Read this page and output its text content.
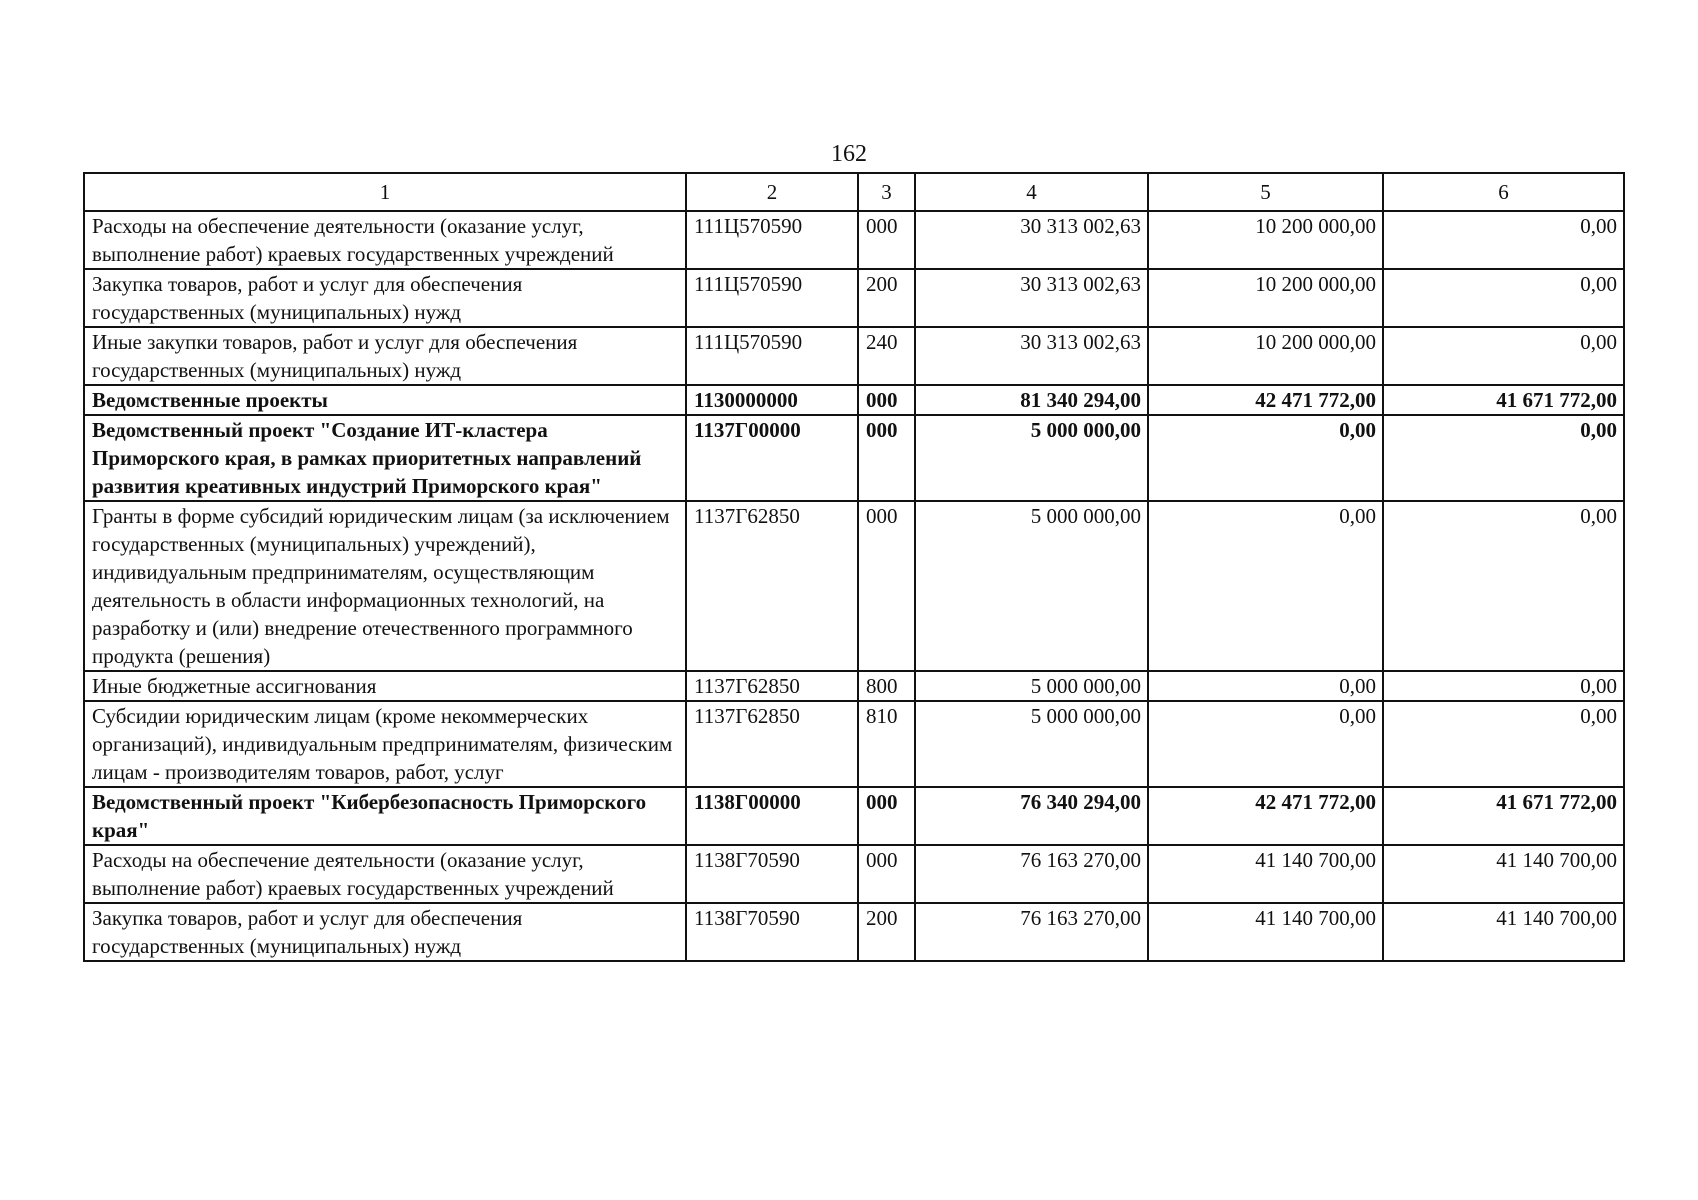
162
1	2	3	4	5	6
Расходы на обеспечение деятельности (оказание услуг, выполнение работ) краевых государственных учреждений	111Ц570590	000	30 313 002,63	10 200 000,00	0,00
Закупка товаров, работ и услуг для обеспечения государственных (муниципальных) нужд	111Ц570590	200	30 313 002,63	10 200 000,00	0,00
Иные закупки товаров, работ и услуг для обеспечения государственных (муниципальных) нужд	111Ц570590	240	30 313 002,63	10 200 000,00	0,00
Ведомственные проекты	1130000000	000	81 340 294,00	42 471 772,00	41 671 772,00
Ведомственный проект "Создание ИТ-кластера Приморского края, в рамках приоритетных направлений развития креативных индустрий Приморского края"	1137Г00000	000	5 000 000,00	0,00	0,00
Гранты в форме субсидий юридическим лицам (за исключением государственных (муниципальных) учреждений), индивидуальным предпринимателям, осуществляющим деятельность в области информационных технологий, на разработку и (или) внедрение отечественного программного продукта (решения)	1137Г62850	000	5 000 000,00	0,00	0,00
Иные бюджетные ассигнования	1137Г62850	800	5 000 000,00	0,00	0,00
Субсидии юридическим лицам (кроме некоммерческих организаций), индивидуальным предпринимателям, физическим лицам - производителям товаров, работ, услуг	1137Г62850	810	5 000 000,00	0,00	0,00
Ведомственный проект "Кибербезопасность Приморского края"	1138Г00000	000	76 340 294,00	42 471 772,00	41 671 772,00
Расходы на обеспечение деятельности (оказание услуг, выполнение работ) краевых государственных учреждений	1138Г70590	000	76 163 270,00	41 140 700,00	41 140 700,00
Закупка товаров, работ и услуг для обеспечения государственных (муниципальных) нужд	1138Г70590	200	76 163 270,00	41 140 700,00	41 140 700,00
